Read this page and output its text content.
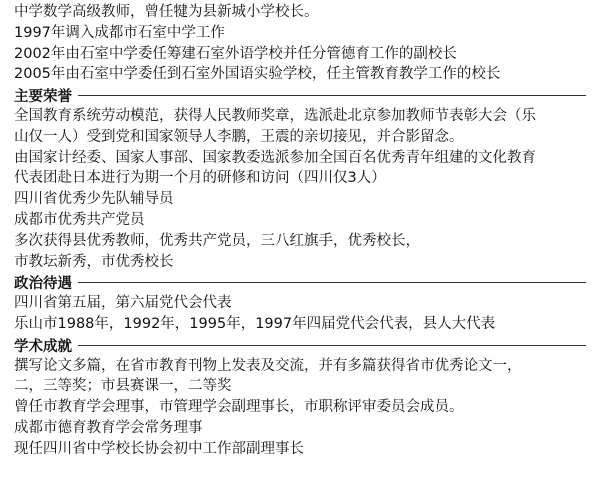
中学数学高级教师，曾任犍为县新城小学校长。
1997年调入成都市石室中学工作
2002年由石室中学委任筹建石室外语学校并任分管德育工作的副校长
2005年由石室中学委任到石室外国语实验学校，任主管教育教学工作的校长
主要荣誉
全国教育系统劳动模范，获得人民教师奖章，选派赴北京参加教师节表彰大会（乐
山仅一人）受到党和国家领导人李鹏，王震的亲切接见，并合影留念。
由国家计经委、国家人事部、国家教委选派参加全国百名优秀青年组建的文化教育
代表团赴日本进行为期一个月的研修和访问（四川仅3人）
四川省优秀少先队辅导员
成都市优秀共产党员
多次获得县优秀教师，优秀共产党员，三八红旗手，优秀校长，
市教坛新秀，市优秀校长
政治待遇
四川省第五届，第六届党代会代表
乐山市1988年，1992年，1995年，1997年四届党代会代表，县人大代表
学术成就
撰写论文多篇，在省市教育刊物上发表及交流，并有多篇获得省市优秀论文一，
二，三等奖；市县赛课一，二等奖
曾任市教育学会理事，市管理学会副理事长，市职称评审委员会成员。
成都市德育教育学会常务理事
现任四川省中学校长协会初中工作部副理事长
